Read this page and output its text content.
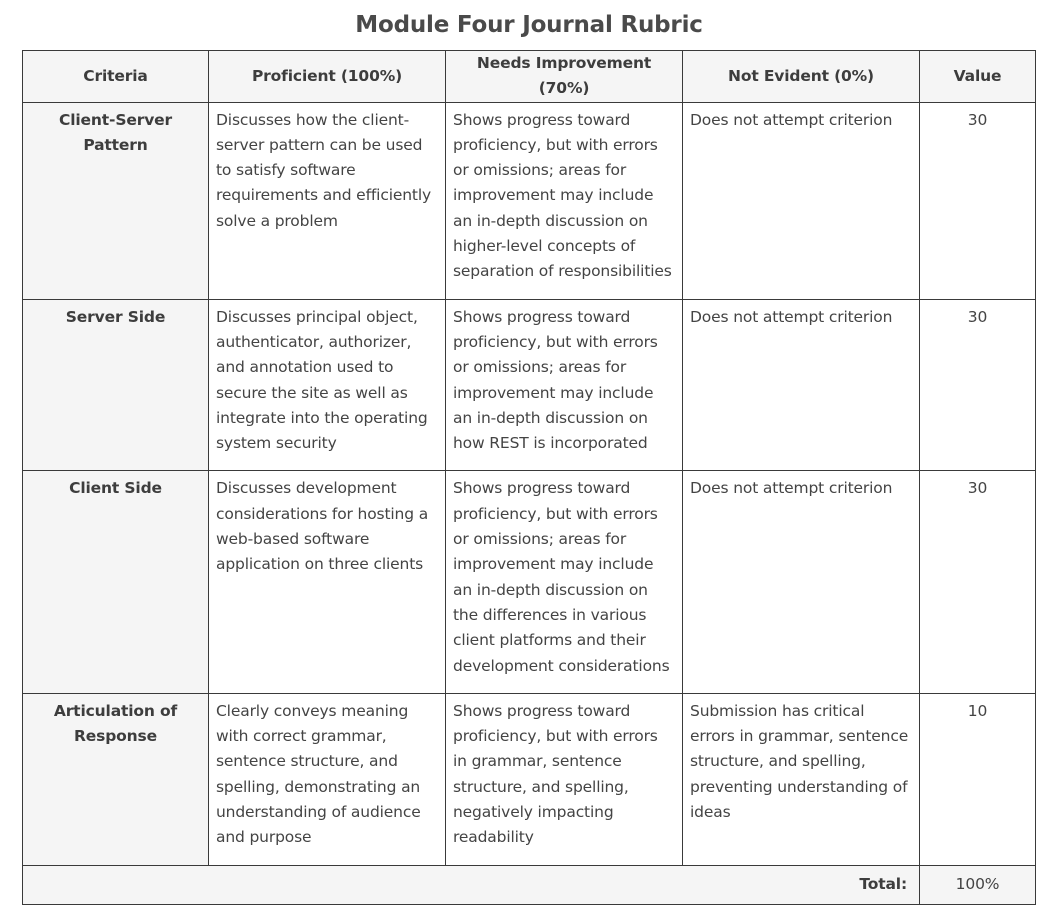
Module Four Journal Rubric
Criteria	Proficient (100%)	Needs Improvement (70%)	Not Evident (0%)	Value
Client-Server Pattern	Discusses how the client-server pattern can be used to satisfy software requirements and efficiently solve a problem	Shows progress toward proficiency, but with errors or omissions; areas for improvement may include an in-depth discussion on higher-level concepts of separation of responsibilities	Does not attempt criterion	30
Server Side	Discusses principal object, authenticator, authorizer, and annotation used to secure the site as well as integrate into the operating system security	Shows progress toward proficiency, but with errors or omissions; areas for improvement may include an in-depth discussion on how REST is incorporated	Does not attempt criterion	30
Client Side	Discusses development considerations for hosting a web-based software application on three clients	Shows progress toward proficiency, but with errors or omissions; areas for improvement may include an in-depth discussion on the differences in various client platforms and their development considerations	Does not attempt criterion	30
Articulation of Response	Clearly conveys meaning with correct grammar, sentence structure, and spelling, demonstrating an understanding of audience and purpose	Shows progress toward proficiency, but with errors in grammar, sentence structure, and spelling, negatively impacting readability	Submission has critical errors in grammar, sentence structure, and spelling, preventing understanding of ideas	10
Total:				100%
